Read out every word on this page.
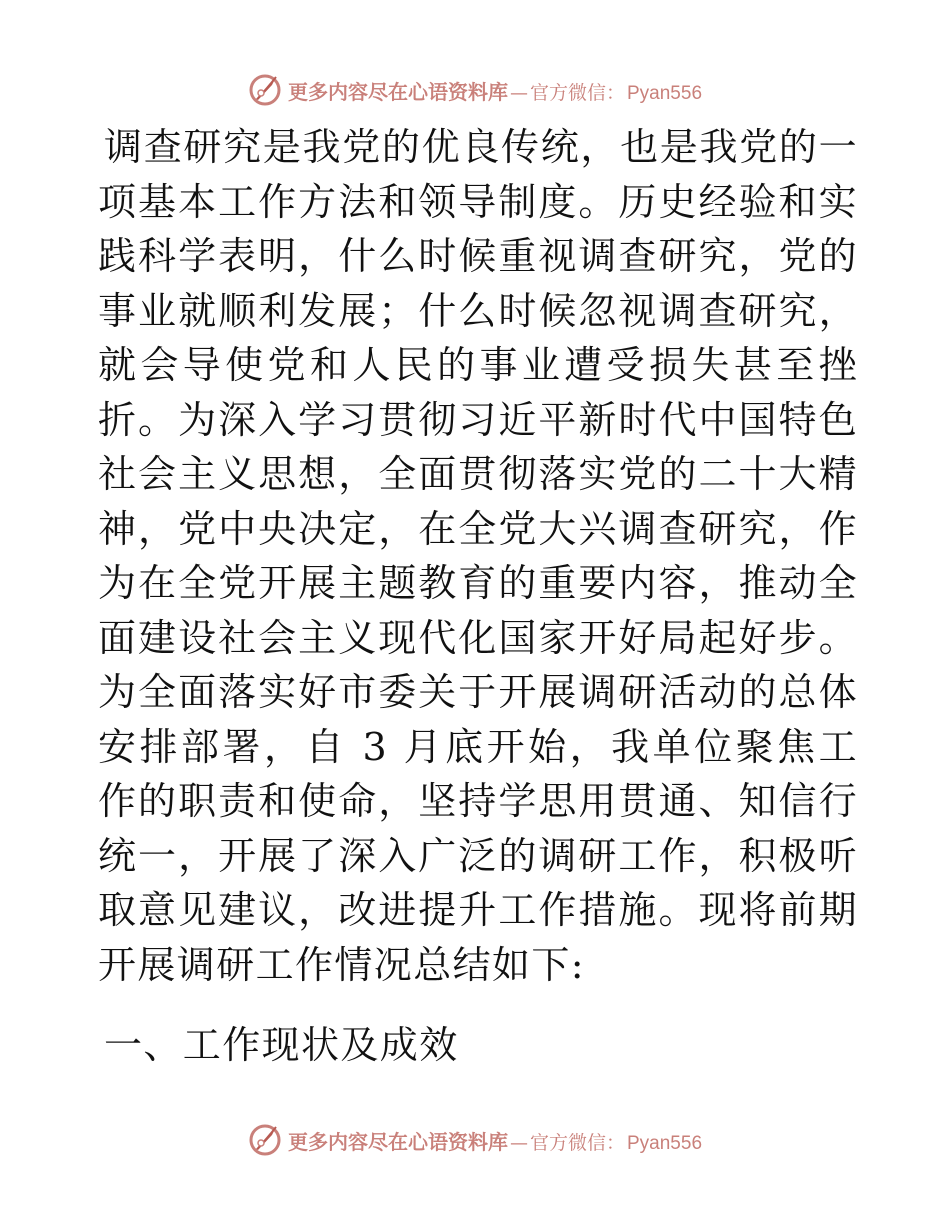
更多内容尽在心语资料库 — 官方微信： Pyan556

调查研究是我党的优良传统，也是我党的一项基本工作方法和领导制度。历史经验和实践科学表明，什么时候重视调查研究，党的事业就顺利发展；什么时候忽视调查研究，就会导使党和人民的事业遭受损失甚至挫折。为深入学习贯彻习近平新时代中国特色社会主义思想，全面贯彻落实党的二十大精神，党中央决定，在全党大兴调查研究，作为在全党开展主题教育的重要内容，推动全面建设社会主义现代化国家开好局起好步。为全面落实好市委关于开展调研活动的总体安排部署，自 3 月底开始，我单位聚焦工作的职责和使命，坚持学思用贯通、知信行统一，开展了深入广泛的调研工作，积极听取意见建议，改进提升工作措施。现将前期开展调研工作情况总结如下:

一、工作现状及成效
更多内容尽在心语资料库 — 官方微信： Pyan556
